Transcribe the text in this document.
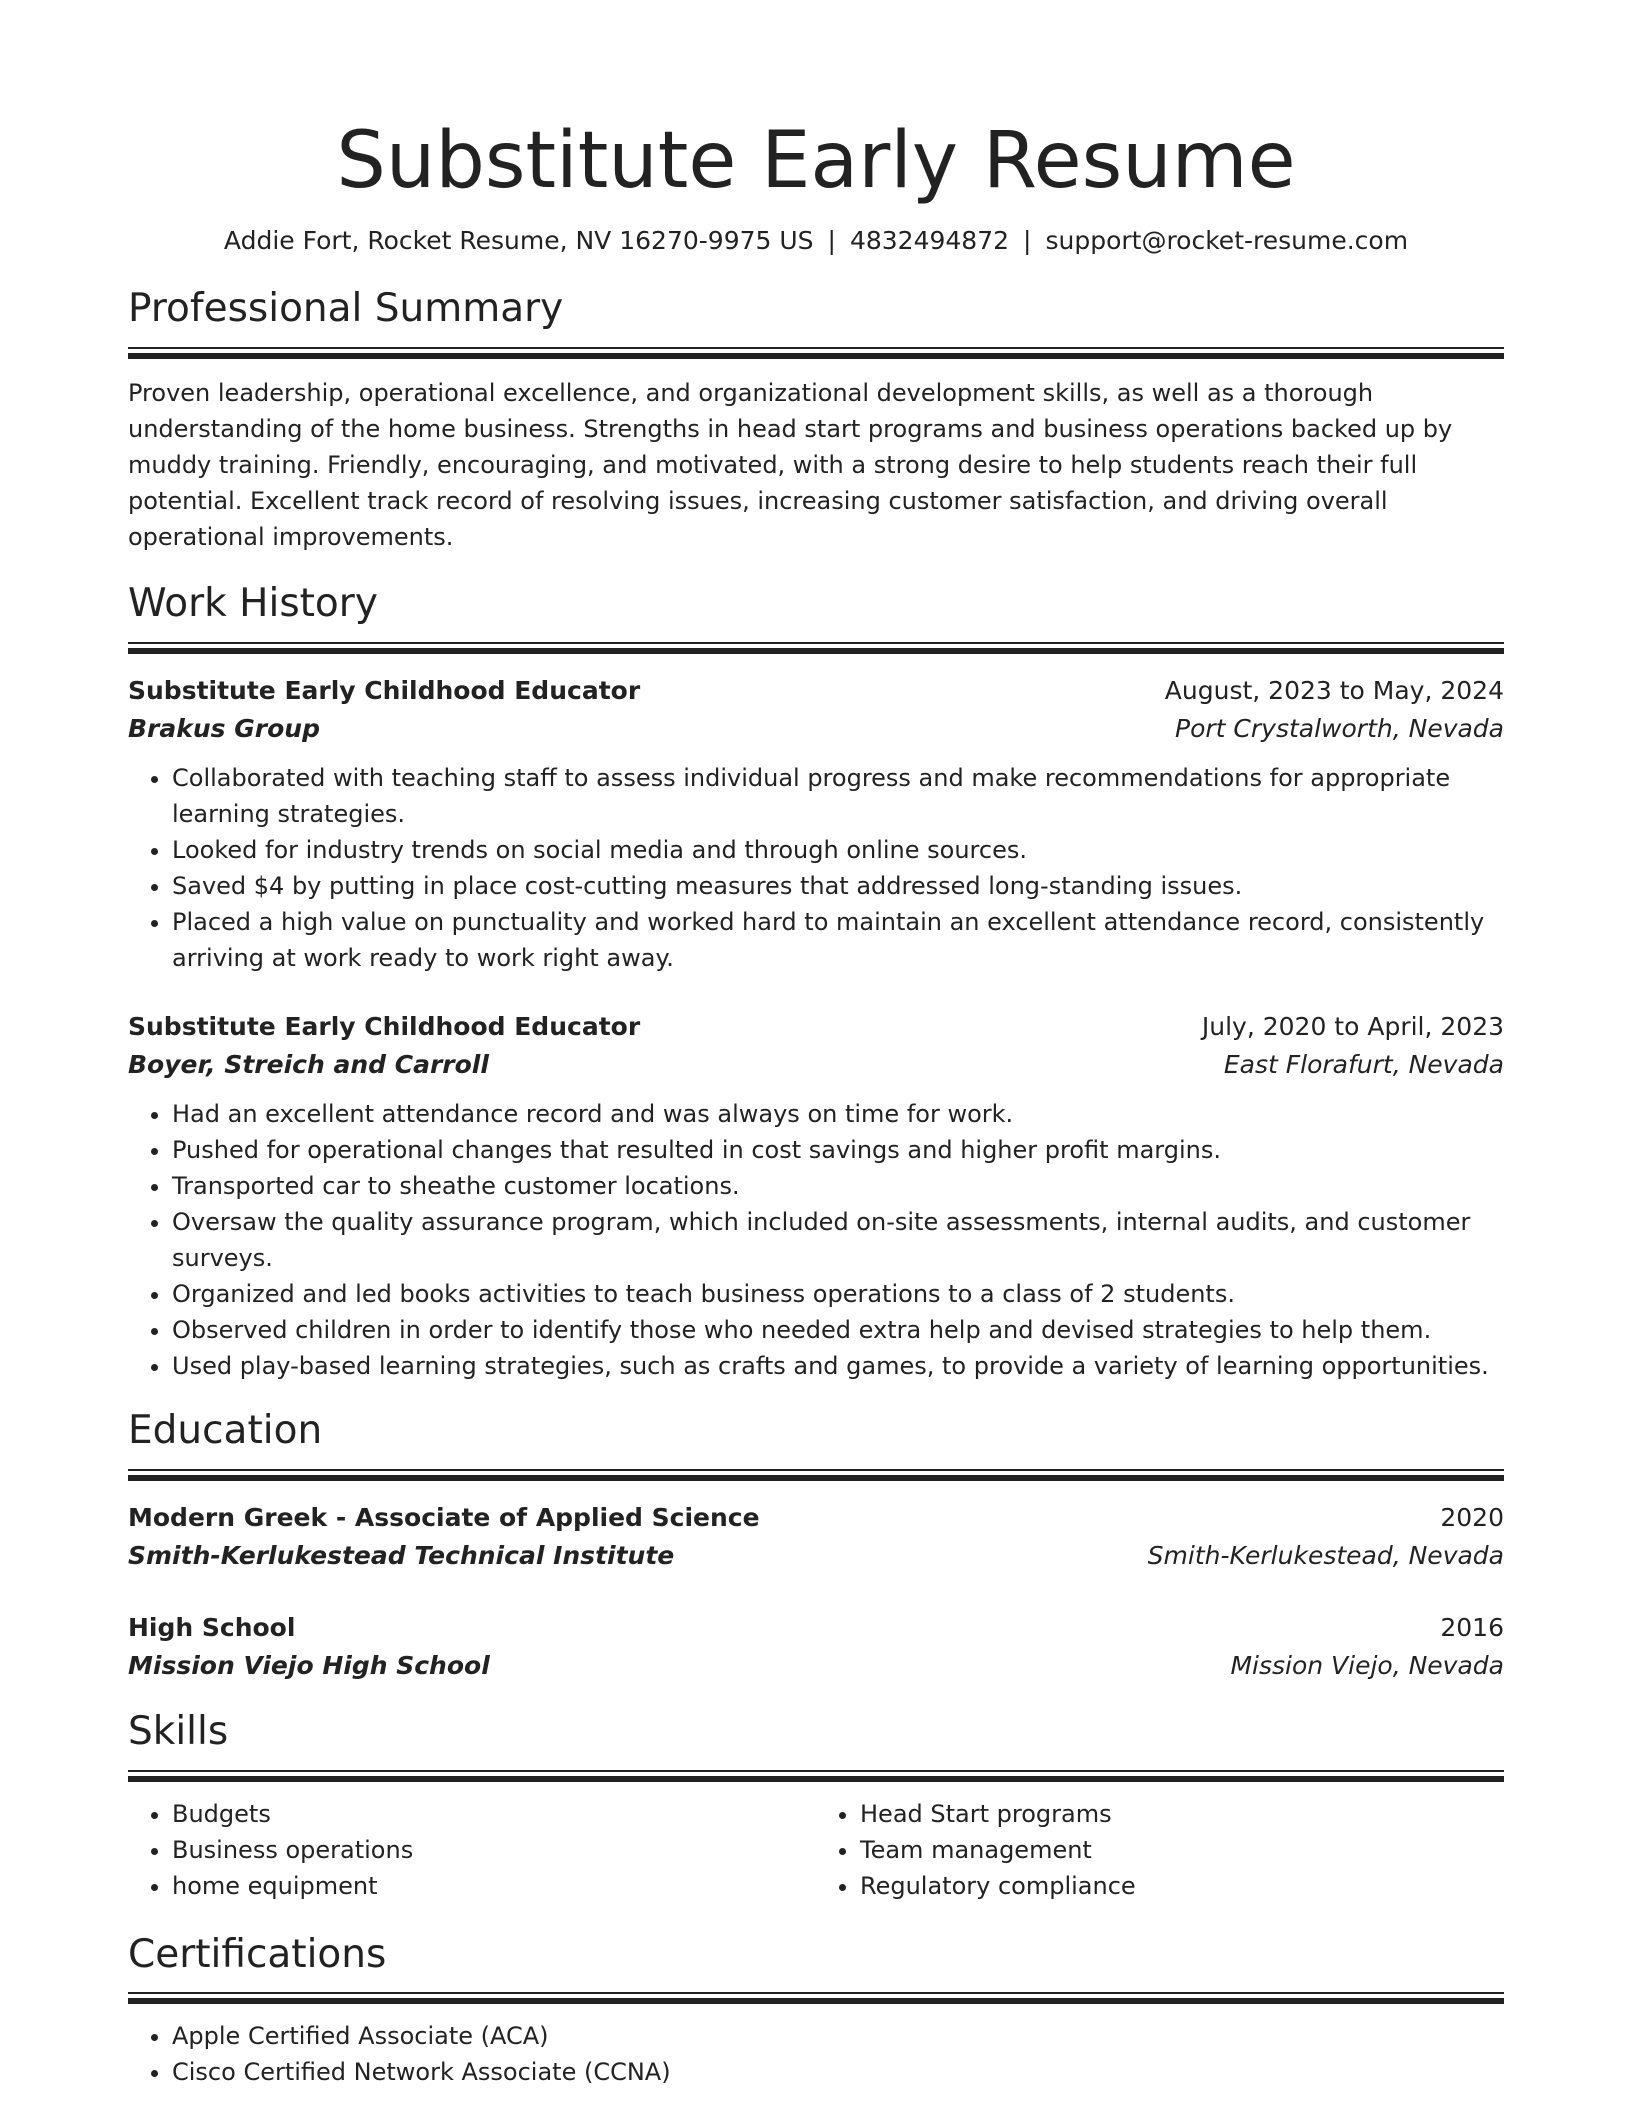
Substitute Early Resume
Addie Fort, Rocket Resume, NV 16270-9975 US | 4832494872 | support@rocket-resume.com
Professional Summary

Proven leadership, operational excellence, and organizational development skills, as well as a thorough understanding of the home business. Strengths in head start programs and business operations backed up by muddy training. Friendly, encouraging, and motivated, with a strong desire to help students reach their full potential. Excellent track record of resolving issues, increasing customer satisfaction, and driving overall operational improvements.

Work History
Substitute Early Childhood Educator	August, 2023 to May, 2024
Brakus Group	Port Crystalworth, Nevada
• Collaborated with teaching staff to assess individual progress and make recommendations for appropriate learning strategies.
• Looked for industry trends on social media and through online sources.
• Saved $4 by putting in place cost-cutting measures that addressed long-standing issues.
• Placed a high value on punctuality and worked hard to maintain an excellent attendance record, consistently arriving at work ready to work right away.
Substitute Early Childhood Educator	July, 2020 to April, 2023
Boyer, Streich and Carroll	East Florafurt, Nevada
• Had an excellent attendance record and was always on time for work.
• Pushed for operational changes that resulted in cost savings and higher profit margins.
• Transported car to sheathe customer locations.
• Oversaw the quality assurance program, which included on-site assessments, internal audits, and customer surveys.
• Organized and led books activities to teach business operations to a class of 2 students.
• Observed children in order to identify those who needed extra help and devised strategies to help them.
• Used play-based learning strategies, such as crafts and games, to provide a variety of learning opportunities.
Education
Modern Greek - Associate of Applied Science	2020
Smith-Kerlukestead Technical Institute	Smith-Kerlukestead, Nevada
High School	2016
Mission Viejo High School	Mission Viejo, Nevada
Skills
• Budgets
• Business operations
• home equipment
• Head Start programs
• Team management
• Regulatory compliance
Certifications
• Apple Certified Associate (ACA)
• Cisco Certified Network Associate (CCNA)
